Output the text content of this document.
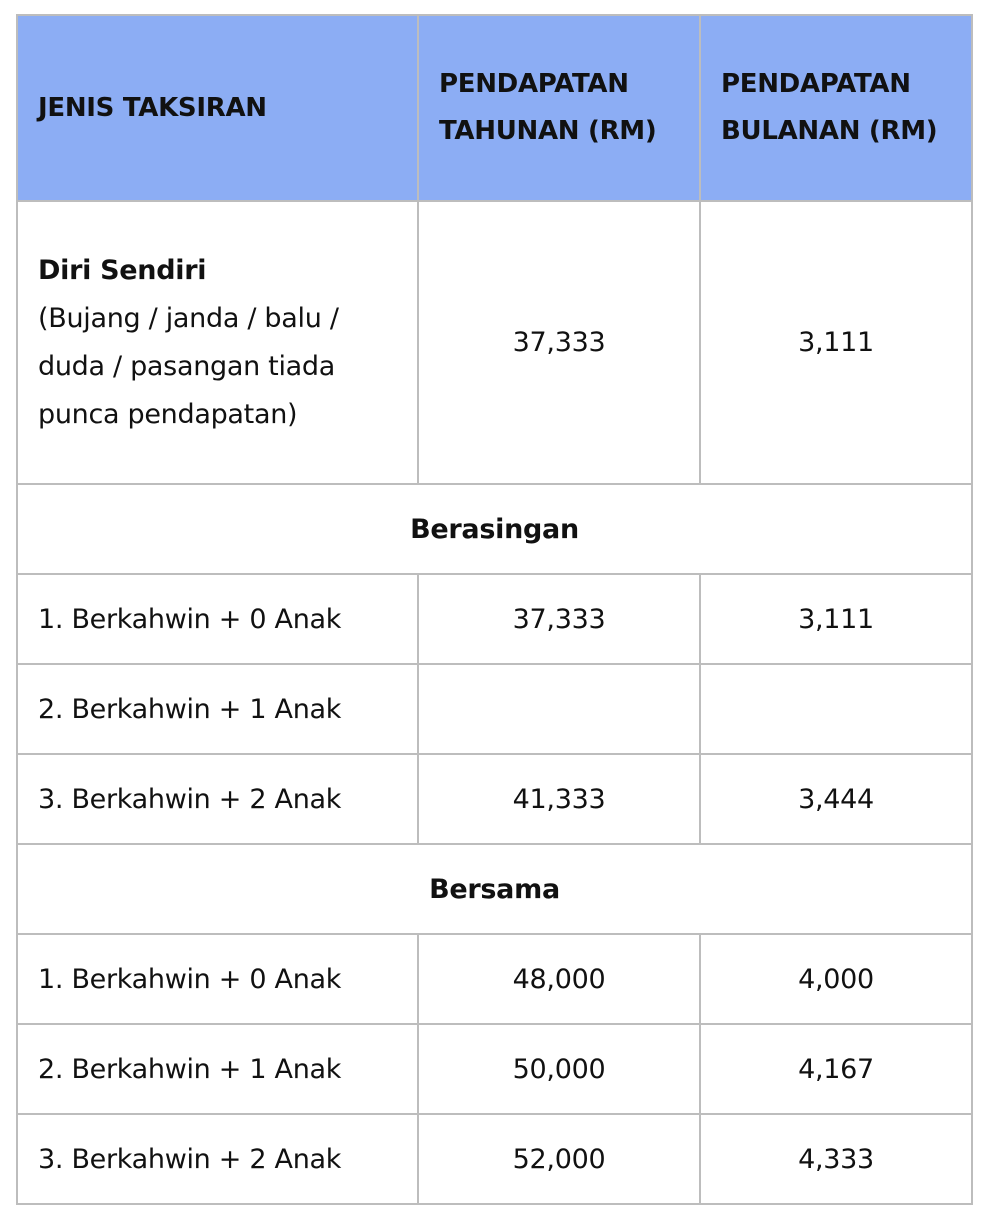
JENIS TAKSIRAN	PENDAPATAN TAHUNAN (RM)	PENDAPATAN BULANAN (RM)
Diri Sendiri
(Bujang / janda / balu / duda / pasangan tiada punca pendapatan)	37,333	3,111
Berasingan		
1. Berkahwin + 0 Anak	37,333	3,111
2. Berkahwin + 1 Anak		
3. Berkahwin + 2 Anak	41,333	3,444
Bersama		
1. Berkahwin + 0 Anak	48,000	4,000
2. Berkahwin + 1 Anak	50,000	4,167
3. Berkahwin + 2 Anak	52,000	4,333
